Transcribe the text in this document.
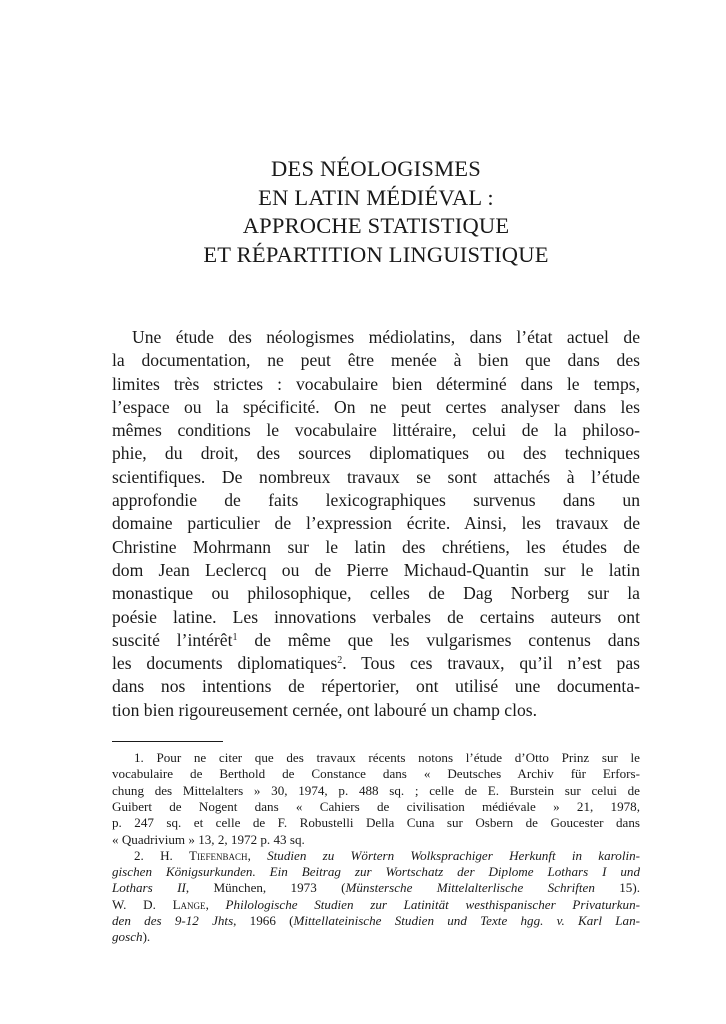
DES NÉOLOGISMES
EN LATIN MÉDIÉVAL :
APPROCHE STATISTIQUE
ET RÉPARTITION LINGUISTIQUE
Une étude des néologismes médiolatins, dans l’état actuel de
la documentation, ne peut être menée à bien que dans des
limites très strictes : vocabulaire bien déterminé dans le temps,
l’espace ou la spécificité. On ne peut certes analyser dans les
mêmes conditions le vocabulaire littéraire, celui de la philoso-
phie, du droit, des sources diplomatiques ou des techniques
scientifiques. De nombreux travaux se sont attachés à l’étude
approfondie de faits lexicographiques survenus dans un
domaine particulier de l’expression écrite. Ainsi, les travaux de
Christine Mohrmann sur le latin des chrétiens, les études de
dom Jean Leclercq ou de Pierre Michaud-Quantin sur le latin
monastique ou philosophique, celles de Dag Norberg sur la
poésie latine. Les innovations verbales de certains auteurs ont
suscité l’intérêt$^1$ de même que les vulgarismes contenus dans
les documents diplomatiques$^2$. Tous ces travaux, qu’il n’est pas
dans nos intentions de répertorier, ont utilisé une documenta-
tion bien rigoureusement cernée, ont labouré un champ clos.
1. Pour ne citer que des travaux récents notons l’étude d’Otto Prinz sur le
vocabulaire de Berthold de Constance dans « Deutsches Archiv für Erfors-
chung des Mittelalters » 30, 1974, p. 488 sq. ; celle de E. Burstein sur celui de
Guibert de Nogent dans « Cahiers de civilisation médiévale » 21, 1978,
p. 247 sq. et celle de F. Robustelli Della Cuna sur Osbern de Goucester dans
« Quadrivium » 13, 2, 1972 p. 43 sq.
2. H. Tiefenbach, Studien zu Wörtern Wolksprachiger Herkunft in karolin-
gischen Königsurkunden. Ein Beitrag zur Wortschatz der Diplome Lothars I und
Lothars II, München, 1973 (Münstersche Mittelalterlische Schriften 15).
W. D. Lange, Philologische Studien zur Latinität westhispanischer Privaturkun-
den des 9-12 Jhts, 1966 (Mittellateinische Studien und Texte hgg. v. Karl Lan-
gosch).
